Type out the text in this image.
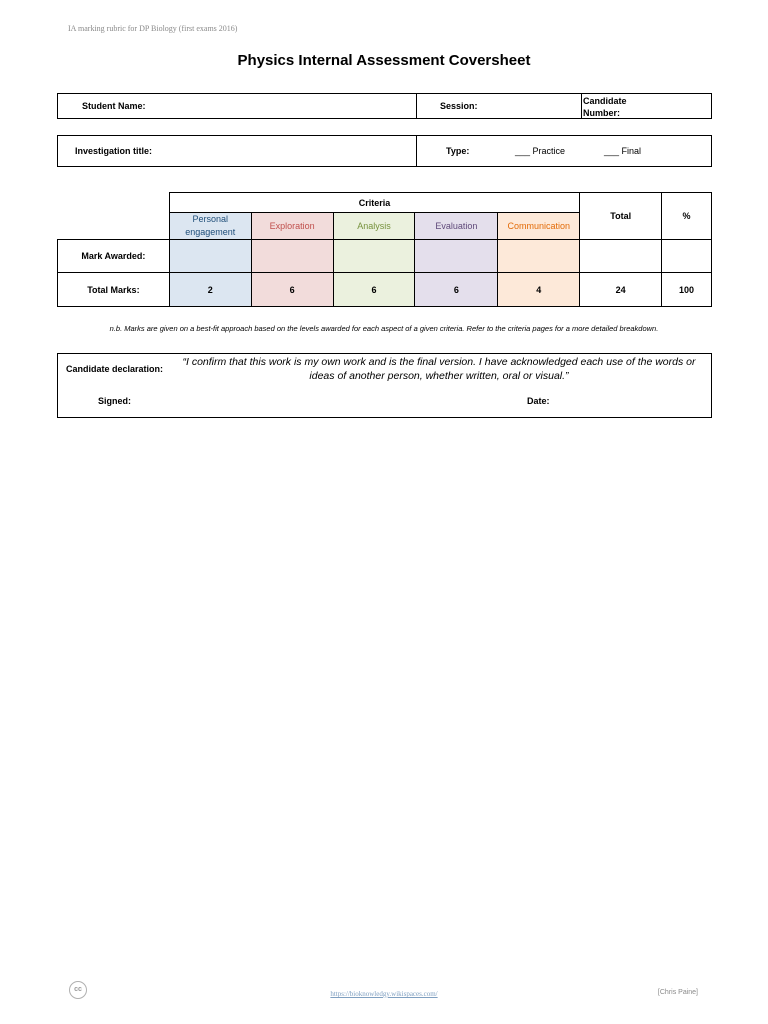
IA marking rubric for DP Biology (first exams 2016)
Physics Internal Assessment Coversheet
Student Name:	Session:	Candidate Number:
Investigation title:	Type:	___ Practice	___ Final
	Criteria					Total	%
	Personal engagement	Exploration	Analysis	Evaluation	Communication		
Mark Awarded:							
Total Marks:	2	6	6	6	4	24	100
n.b. Marks are given on a best-fit approach based on the levels awarded for each aspect of a given criteria. Refer to the criteria pages for a more detailed breakdown.
Candidate declaration:
Signed:	Date:
“I confirm that this work is my own work and is the final version. I have acknowledged each use of the words or ideas of another person, whether written, oral or visual.”
cc
https://bioknowledgy.wikispaces.com/	[Chris Paine]
